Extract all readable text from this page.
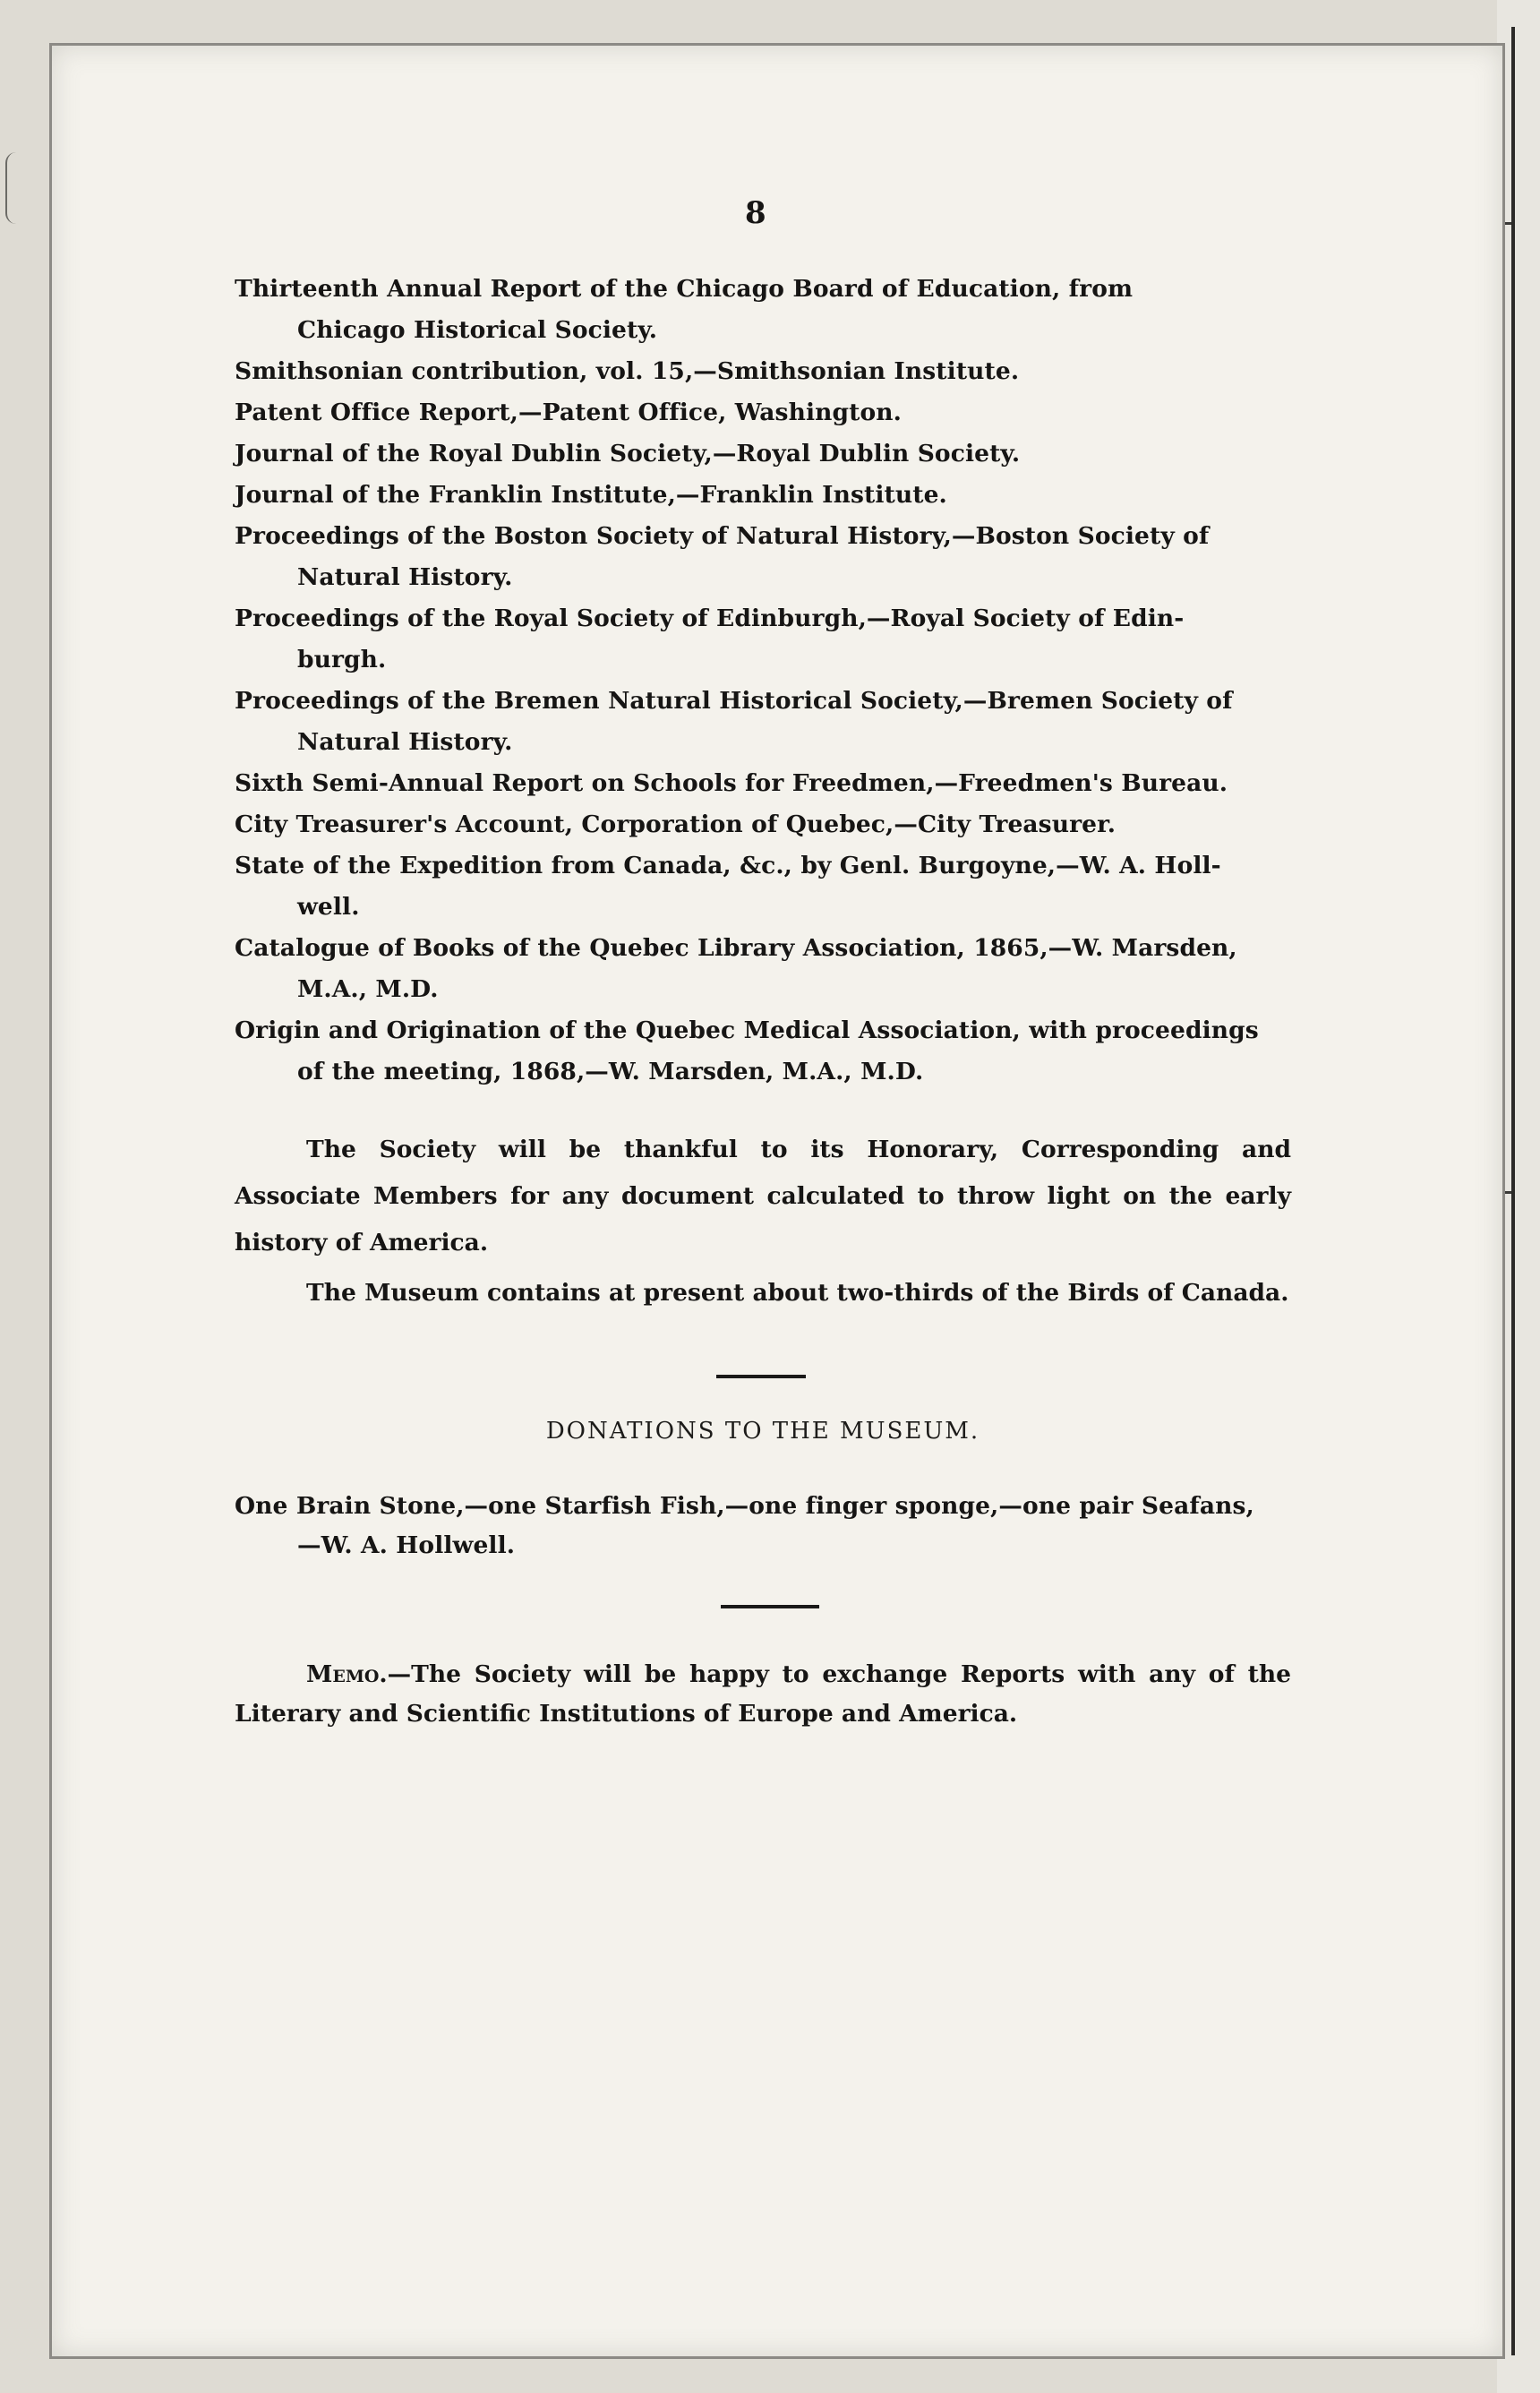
8
Thirteenth Annual Report of the Chicago Board of Education, from
Chicago Historical Society.
Smithsonian contribution, vol. 15,—Smithsonian Institute.
Patent Office Report,—Patent Office, Washington.
Journal of the Royal Dublin Society,—Royal Dublin Society.
Journal of the Franklin Institute,—Franklin Institute.
Proceedings of the Boston Society of Natural History,—Boston Society of
Natural History.
Proceedings of the Royal Society of Edinburgh,—Royal Society of Edin-
burgh.
Proceedings of the Bremen Natural Historical Society,—Bremen Society of
Natural History.
Sixth Semi-Annual Report on Schools for Freedmen,—Freedmen's Bureau.
City Treasurer's Account, Corporation of Quebec,—City Treasurer.
State of the Expedition from Canada, &c., by Genl. Burgoyne,—W. A. Holl-
well.
Catalogue of Books of the Quebec Library Association, 1865,—W. Marsden,
M.A., M.D.
Origin and Origination of the Quebec Medical Association, with proceedings
of the meeting, 1868,—W. Marsden, M.A., M.D.
The Society will be thankful to its Honorary, Corresponding and Associate Members for any document calculated to throw light on the early history of America.
The Museum contains at present about two-thirds of the Birds of Canada.
DONATIONS TO THE MUSEUM.
One Brain Stone,—one Starfish Fish,—one finger sponge,—one pair Seafans,
—W. A. Hollwell.
Memo.—The Society will be happy to exchange Reports with any of the Literary and Scientific Institutions of Europe and America.
